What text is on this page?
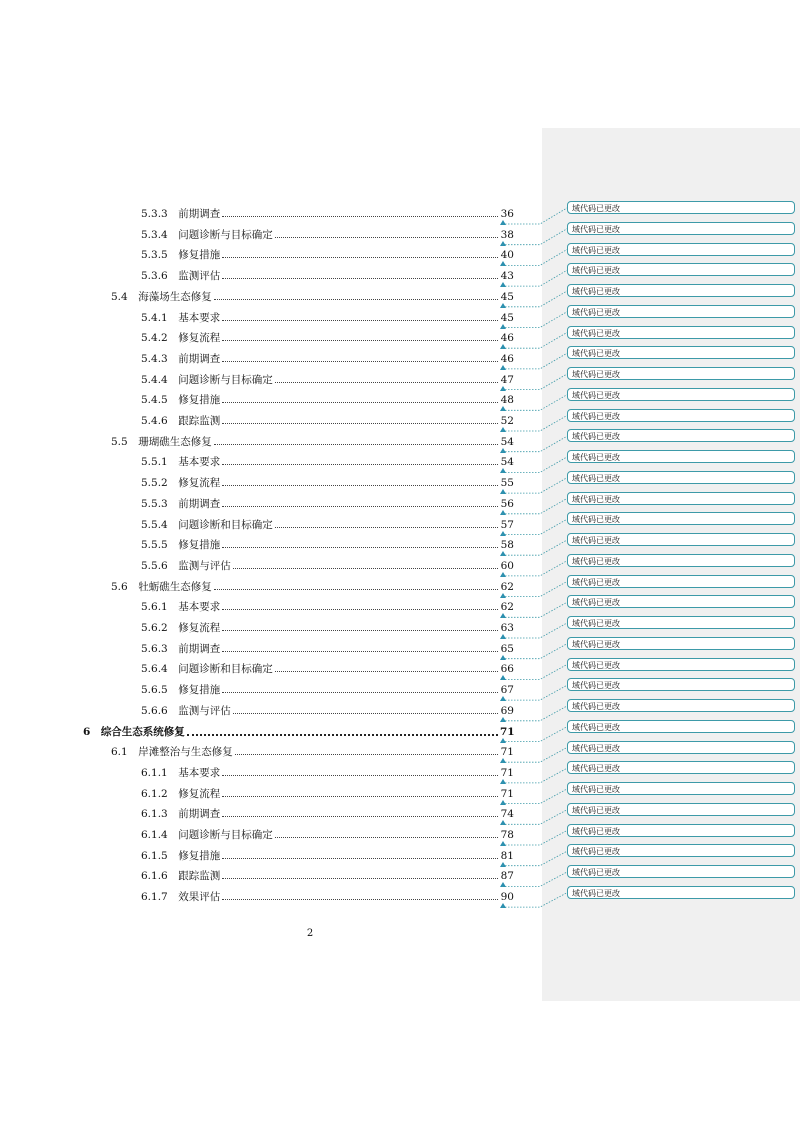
5.3.3  前期调查	36
5.3.4  问题诊断与目标确定	38
5.3.5  修复措施	40
5.3.6  监测评估	43
5.4  海藻场生态修复	45
5.4.1  基本要求	45
5.4.2  修复流程	46
5.4.3  前期调查	46
5.4.4  问题诊断与目标确定	47
5.4.5  修复措施	48
5.4.6  跟踪监测	52
5.5  珊瑚礁生态修复	54
5.5.1  基本要求	54
5.5.2  修复流程	55
5.5.3  前期调查	56
5.5.4  问题诊断和目标确定	57
5.5.5  修复措施	58
5.5.6  监测与评估	60
5.6  牡蛎礁生态修复	62
5.6.1  基本要求	62
5.6.2  修复流程	63
5.6.3  前期调查	65
5.6.4  问题诊断和目标确定	66
5.6.5  修复措施	67
5.6.6  监测与评估	69
6  综合生态系统修复	71
6.1  岸滩整治与生态修复	71
6.1.1  基本要求	71
6.1.2  修复流程	71
6.1.3  前期调查	74
6.1.4  问题诊断与目标确定	78
6.1.5  修复措施	81
6.1.6  跟踪监测	87
6.1.7  效果评估	90
域代码已更改
域代码已更改
域代码已更改
域代码已更改
域代码已更改
域代码已更改
域代码已更改
域代码已更改
域代码已更改
域代码已更改
域代码已更改
域代码已更改
域代码已更改
域代码已更改
域代码已更改
域代码已更改
域代码已更改
域代码已更改
域代码已更改
域代码已更改
域代码已更改
域代码已更改
域代码已更改
域代码已更改
域代码已更改
域代码已更改
域代码已更改
域代码已更改
域代码已更改
域代码已更改
域代码已更改
域代码已更改
域代码已更改
域代码已更改
2
